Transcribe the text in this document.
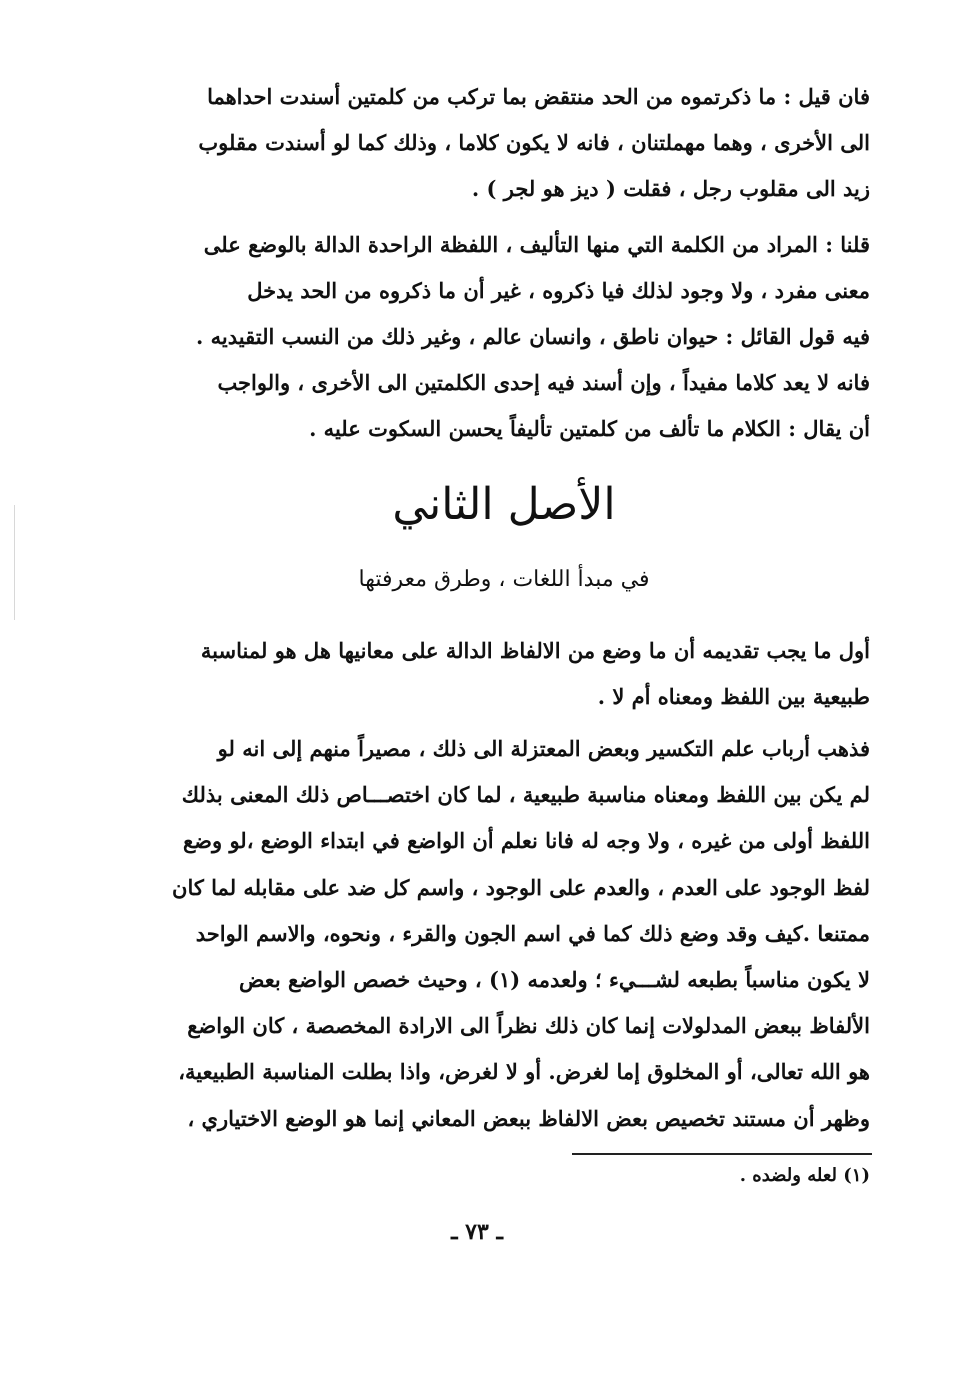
فان قيل : ما ذكرتموه من الحد منتقض بما تركب من كلمتين أسندت احداهما
الى الأخرى ، وهما مهملتنان ، فانه لا يكون كلاما ، وذلك كما لو أسندت مقلوب
زيد الى مقلوب رجل ، فقلت ( ديز هو لجر ) .
قلنا : المراد من الكلمة التي منها التأليف ، اللفظة الراحدة الدالة بالوضع على
معنى مفرد ، ولا وجود لذلك فيا ذكروه ، غير أن ما ذكروه من الحد يدخل
فيه قول القائل : حيوان ناطق ، وانسان عالم ، وغير ذلك من النسب التقيديه .
فانه لا يعد كلاما مفيداً ، وإن أسند فيه إحدى الكلمتين الى الأخرى ، والواجب
أن يقال : الكلام ما تألف من كلمتين تأليفاً يحسن السكوت عليه .
الأصل الثاني
في مبدأ اللغات ، وطرق معرفتها
أول ما يجب تقديمه أن ما وضع من الالفاظ الدالة على معانيها هل هو لمناسبة
طبيعية بين اللفظ ومعناه أم لا .
فذهب أرباب علم التكسير وبعض المعتزلة الى ذلك ، مصيراً منهم إلى انه لو
لم يكن بين اللفظ ومعناه مناسبة طبيعية ، لما كان اختصـــاص ذلك المعنى بذلك
اللفظ أولى من غيره ، ولا وجه له فانا نعلم أن الواضع في ابتداء الوضع ،لو وضع
لفظ الوجود على العدم ، والعدم على الوجود ، واسم كل ضد على مقابله لما كان
ممتنعا .كيف وقد وضع ذلك كما في اسم الجون والقرء ، ونحوه، والاسم الواحد
لا يكون مناسباً بطبعه لشـــيء ؛ ولعدمه (١) ، وحيث خصص الواضع بعض
الألفاظ ببعض المدلولات إنما كان ذلك نظراً الى الارادة المخصصة ، كان الواضع
هو الله تعالى، أو المخلوق إما لغرض. أو لا لغرض، واذا بطلت المناسبة الطبيعية،
وظهر أن مستند تخصيص بعض الالفاظ ببعض المعاني إنما هو الوضع الاختياري ،
(١) لعله ولضده .
ـ ٧٣ ـ
